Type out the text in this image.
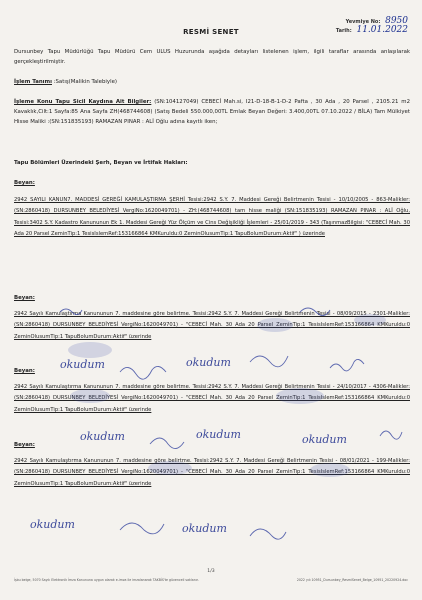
Yevmiye No: 8950
Tarih: 11.01.2022
RESMİ SENET
Dursunbey Tapu Müdürlüğü Tapu Müdürü Cem ULUS Huzurunda aşağıda detayları listelenen işlem, ilgili taraflar arasında anlaşılarak gerçekleştirilmiştir.
İşlem Tanımı :Satış(Malikin Talebiyle)
İşleme Konu Tapu Sicil Kaydına Ait Bilgiler: (SN:104127049) CEBECİ Mah.si, I21-D-18-B-1-D-2 Pafta , 30 Ada , 20 Parsel , 2105.21 m2 Kavaklık,Cilt:1 Sayfa:85 Ana Sayfa ZH(468744608) (Satış Bedeli 550.000,00TL Emlak Beyan Değeri: 3.400,00TL 07.10.2022 / BİLA) Tam Mülkiyet Hisse Maliki :(SN:151835193) RAMAZAN PINAR : ALİ Oğlu adına kayıtlı iken;
Tapu Bölümleri Üzerindeki Şerh, Beyan ve İrtifak Hakları:
Beyan:
2942 SAYILI KANUN7. MADDESİ GEREĞİ KAMULAŞTIRMA ŞERHİ Tesisi:2942 S.Y. 7. Maddesi Gereği Belirtmenin Tesisi - 10/10/2005 - 863-Malikler:(SN:2860418) DURSUNBEY BELEDİYESİ VergiNo:1620049701) - ZH:(468744608) tam hisse maliği (SN:151835193) RAMAZAN PINAR : ALİ Oğlu, Tesisi:3402 S.Y. Kadastro Kanununun Ek 1. Maddesi Gereği Yüz Ölçüm ve Cins Değişikliği İşlemleri - 25/01/2019 - 343 (TaşınmazBilgisi: "CEBECİ Mah. 30 Ada 20 Parsel ZeminTip:1 TesisIslemRef:153166864 KMKuruldu:0 ZeminOlusumTip:1 TapuBolumDurum:Aktif" ) üzerinde
Beyan:
2942 Sayılı Kamulaştırma Kanununun 7. maddesine göre belirtme. Tesisi:2942 S.Y. 7. Maddesi Gereği Belirtmenin Tesisi - 08/09/2015 - 2301-Malikler:(SN:2860418) DURSUNBEY BELEDİYESİ VergiNo:1620049701) - "CEBECİ Mah. 30 Ada 20 Parsel ZeminTip:1 TesisIslemRef:153166864 KMKuruldu:0 ZeminOlusumTip:1 TapuBolumDurum:Aktif" üzerinde
Beyan:
2942 Sayılı Kamulaştırma Kanununun 7. maddesine göre belirtme. Tesisi:2942 S.Y. 7. Maddesi Gereği Belirtmenin Tesisi - 24/10/2017 - 4306-Malikler:(SN:2860418) DURSUNBEY BELEDİYESİ VergiNo:1620049701) - "CEBECİ Mah. 30 Ada 20 Parsel ZeminTip:1 TesisIslemRef:153166864 KMKuruldu:0 ZeminOlusumTip:1 TapuBolumDurum:Aktif" üzerinde
Beyan:
2942 Sayılı Kamulaştırma Kanununun 7. maddesine göre belirtme. Tesisi:2942 S.Y. 7. Maddesi Gereği Belirtmenin Tesisi - 08/01/2021 - 199-Malikler:(SN:2860418) DURSUNBEY BELEDİYESİ VergiNo:1620049701) - "CEBECİ Mah. 30 Ada 20 Parsel ZeminTip:1 TesisIslemRef:153166864 KMKuruldu:0 ZeminOlusumTip:1 TapuBolumDurum:Aktif" üzerinde
okudum	okudum
okudum	okudum	okudum
okudum	okudum
1/3
İşbu belge, 5070 Sayılı Elektronik İmza Kanununa uygun olarak e-imza ile imzalanarak TAKBİS'te güvenceli saklanır.	2022 yılı 10951_Dursunbey_ResmiSenet_Belge_10951_20220924.doc
